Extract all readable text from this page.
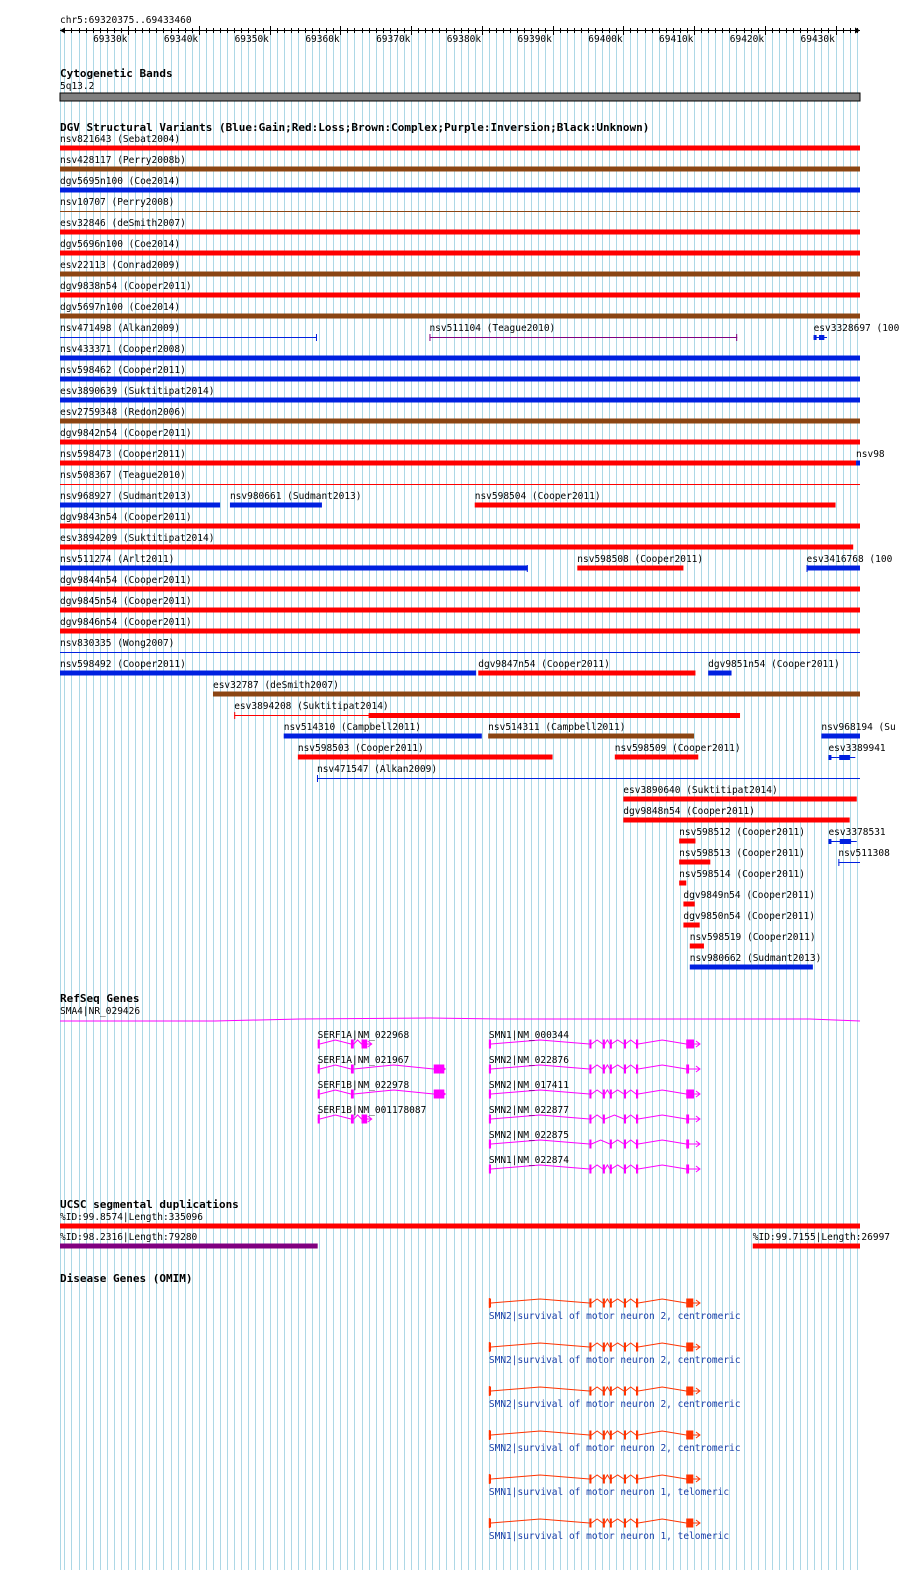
chr5:69320375..69433460
69330k	69340k	69350k	69360k	69370k	69380k	69390k	69400k	69410k	69420k	69430k
Cytogenetic Bands
5q13.2
DGV Structural Variants (Blue:Gain;Red:Loss;Brown:Complex;Purple:Inversion;Black:Unknown)
nsv821643 (Sebat2004)
nsv428117 (Perry2008b)
dgv5695n100 (Coe2014)
nsv10707 (Perry2008)
esv32846 (deSmith2007)
dgv5696n100 (Coe2014)
esv22113 (Conrad2009)
dgv9838n54 (Cooper2011)
dgv5697n100 (Coe2014)
nsv471498 (Alkan2009)	nsv511104 (Teague2010)	esv3328697 (100
nsv433371 (Cooper2008)
nsv598462 (Cooper2011)
esv3890639 (Suktitipat2014)
esv2759348 (Redon2006)
dgv9842n54 (Cooper2011)
nsv598473 (Cooper2011)	nsv98
nsv508367 (Teague2010)
nsv968927 (Sudmant2013)	nsv980661 (Sudmant2013)	nsv598504 (Cooper2011)
dgv9843n54 (Cooper2011)
esv3894209 (Suktitipat2014)
nsv511274 (Arlt2011)	nsv598508 (Cooper2011)	esv3416768 (100
dgv9844n54 (Cooper2011)
dgv9845n54 (Cooper2011)
dgv9846n54 (Cooper2011)
nsv830335 (Wong2007)
nsv598492 (Cooper2011)	dgv9847n54 (Cooper2011)	dgv9851n54 (Cooper2011)
esv32787 (deSmith2007)
esv3894208 (Suktitipat2014)
nsv514310 (Campbell2011)	nsv514311 (Campbell2011)	nsv968194 (Su
nsv598503 (Cooper2011)	nsv598509 (Cooper2011)	esv3389941
nsv471547 (Alkan2009)
esv3890640 (Suktitipat2014)
dgv9848n54 (Cooper2011)
nsv598512 (Cooper2011) esv3378531
nsv598513 (Cooper2011)	nsv511308
nsv598514 (Cooper2011)
dgv9849n54 (Cooper2011)
dgv9850n54 (Cooper2011)
nsv598519 (Cooper2011)
nsv980662 (Sudmant2013)
RefSeq Genes
SMA4|NR_029426
SERF1A|NM_022968
SERF1A|NM_021967
SERF1B|NM_022978
SERF1B|NM_001178087
SMN1|NM_000344
SMN2|NM_022876
SMN2|NM_017411
SMN2|NM_022877
SMN2|NM_022875
SMN1|NM_022874
UCSC segmental duplications
%ID:99.8574|Length:335096
%ID:98.2316|Length:79280	%ID:99.7155|Length:26997
Disease Genes (OMIM)
SMN2|survival of motor neuron 2, centromeric
SMN2|survival of motor neuron 2, centromeric
SMN2|survival of motor neuron 2, centromeric
SMN2|survival of motor neuron 2, centromeric
SMN1|survival of motor neuron 1, telomeric
SMN1|survival of motor neuron 1, telomeric
